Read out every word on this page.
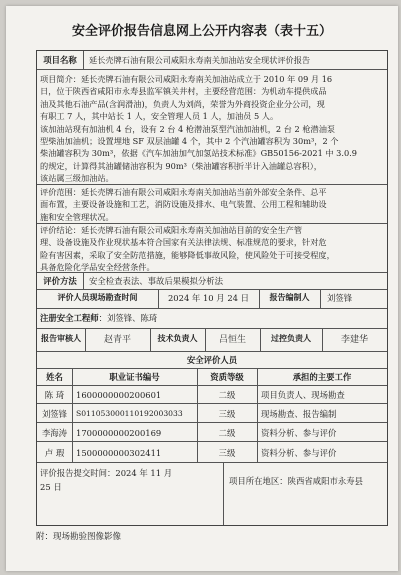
安全评价报告信息网上公开内容表（表十五）
项目名称	延长壳牌石油有限公司咸阳永寿南关加油站安全现状评价报告
项目简介：延长壳牌石油有限公司咸阳永寿南关加油站成立于 2010 年 09 月 16
日，位于陕西省咸阳市永寿县监军镇关井村，主要经营范围：为机动车提供成品
油及其他石油产品(含润滑油)，负责人为刘尚，荣誉为外商投资企业分公司，现
有职工 7 人，其中站长 1 人，安全管理人员 1 人，加油员 5 人。
该加油站现有加油机 4 台，设有 2 台 4 枪潜油泵型汽油加油机，2 台 2 枪潜油泵
型柴油加油机；设置埋地 SF 双层油罐 4 个，其中 2 个汽油罐容积为 30m³，2 个
柴油罐容积为 30m³，依据《汽车加油加气加氢站技术标准》GB50156-2021 中 3.0.9
的规定，计算得其油罐储油容积为 90m³（柴油罐容积折半计入油罐总容积），
该站属三级加油站。
评价范围：延长壳牌石油有限公司咸阳永寿南关加油站当前外部安全条件、总平
面布置，主要设备设施和工艺，消防设施及排水、电气装置、公用工程和辅助设
施和安全管理状况。
评价结论：延长壳牌石油有限公司咸阳永寿南关加油站目前的安全生产管
理、设备设施及作业现状基本符合国家有关法律法规、标准规范的要求，针对危
险有害因素，采取了安全防范措施，能够降低事故风险，使风险处于可接受程度，
具备危险化学品安全经营条件。
评价方法	安全检查表法、事故后果模拟分析法
评价人员现场勘查时间	2024 年 10 月 24 日	报告编制人	刘签锋
注册安全工程师：刘签锋、陈琦
报告审核人	赵青平	技术负责人	吕恒生	过控负责人	李建华
安全评价人员
姓名	职业证书编号	资质等级	承担的主要工作
陈 琦	1600000000200601	二级	项目负责人、现场勘查
刘签锋	S011053000110192003033	三级	现场勘查、报告编制
李海涛	1700000000200169	二级	资料分析、参与评价
卢 瑕	1500000000302411	三级	资料分析、参与评价
评价报告提交时间：2024 年 11 月
25 日
项目所在地区：陕西省咸阳市永寿县
附：现场勘验图像影像
